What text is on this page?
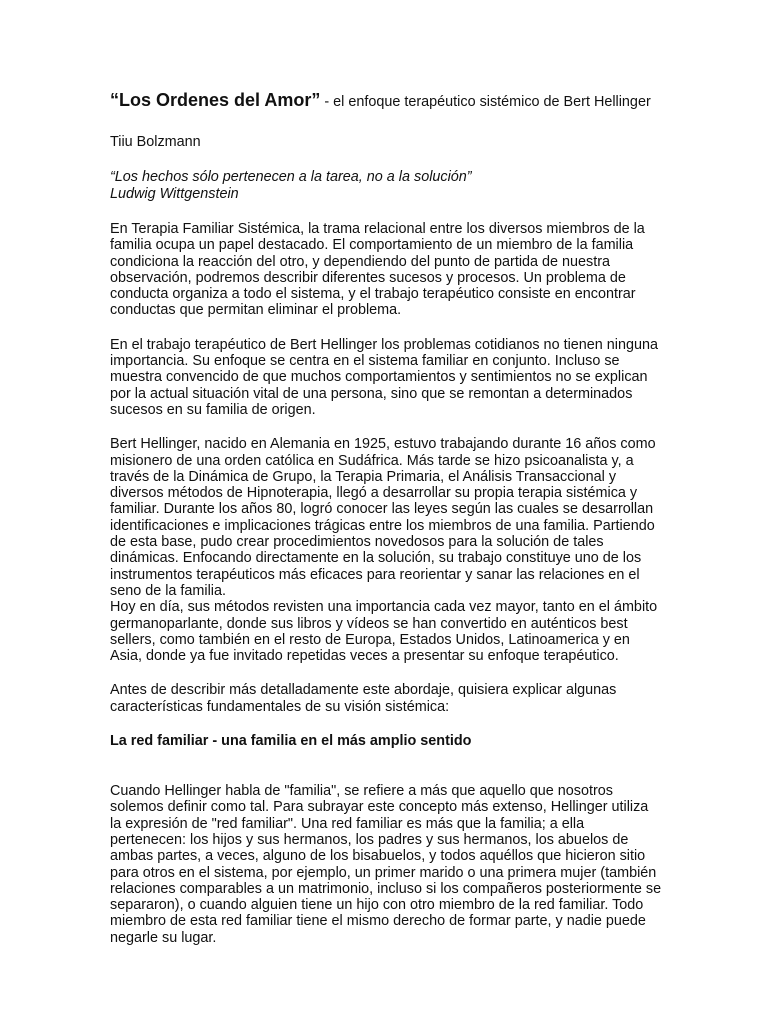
“Los Ordenes del Amor” - el enfoque terapéutico sistémico de Bert Hellinger

Tiiu Bolzmann

“Los hechos sólo pertenecen a la tarea, no a la solución”
Ludwig Wittgenstein

En Terapia Familiar Sistémica, la trama relacional entre los diversos miembros de la familia ocupa un papel destacado. El comportamiento de un miembro de la familia condiciona la reacción del otro, y dependiendo del punto de partida de nuestra observación, podremos describir diferentes sucesos y procesos. Un problema de conducta organiza a todo el sistema, y el trabajo terapéutico consiste en encontrar conductas que permitan eliminar el problema.

En el trabajo terapéutico de Bert Hellinger los problemas cotidianos no tienen ninguna importancia. Su enfoque se centra en el sistema familiar en conjunto. Incluso se muestra convencido de que muchos comportamientos y sentimientos no se explican por la actual situación vital de una persona, sino que se remontan a determinados sucesos en su familia de origen.

Bert Hellinger, nacido en Alemania en 1925, estuvo trabajando durante 16 años como misionero de una orden católica en Sudáfrica. Más tarde se hizo psicoanalista y, a través de la Dinámica de Grupo, la Terapia Primaria, el Análisis Transaccional y diversos métodos de Hipnoterapia, llegó a desarrollar su propia terapia sistémica y familiar. Durante los años 80, logró conocer las leyes según las cuales se desarrollan identificaciones e implicaciones trágicas entre los miembros de una familia. Partiendo de esta base, pudo crear procedimientos novedosos para la solución de tales dinámicas. Enfocando directamente en la solución, su trabajo constituye uno de los instrumentos terapéuticos más eficaces para reorientar y sanar las relaciones en el seno de la familia.

Hoy en día, sus métodos revisten una importancia cada vez mayor, tanto en el ámbito germanoparlante, donde sus libros y vídeos se han convertido en auténticos best sellers, como también en el resto de Europa, Estados Unidos, Latinoamerica y en Asia, donde ya fue invitado repetidas veces a presentar su enfoque terapéutico.

Antes de describir más detalladamente este abordaje, quisiera explicar algunas características fundamentales de su visión sistémica:

La red familiar - una familia en el más amplio sentido

Cuando Hellinger habla de "familia", se refiere a más que aquello que nosotros solemos definir como tal. Para subrayar este concepto más extenso, Hellinger utiliza la expresión de "red familiar". Una red familiar es más que la familia; a ella pertenecen: los hijos y sus hermanos, los padres y sus hermanos, los abuelos de ambas partes, a veces, alguno de los bisabuelos, y todos aquéllos que hicieron sitio para otros en el sistema, por ejemplo, un primer marido o una primera mujer (también relaciones comparables a un matrimonio, incluso si los compañeros posteriormente se separaron), o cuando alguien tiene un hijo con otro miembro de la red familiar. Todo miembro de esta red familiar tiene el mismo derecho de formar parte, y nadie puede negarle su lugar.
